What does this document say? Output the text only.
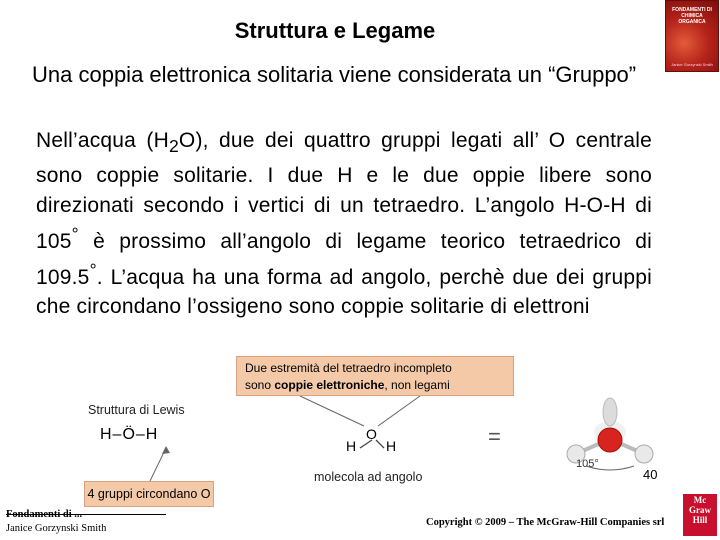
FONDAMENTI DI CHIMICA ORGANICA
Janice Gorzynski Smith
Struttura e Legame
Una coppia elettronica solitaria viene considerata un “Gruppo”
Nell’acqua $(H_2O)$, due dei quattro gruppi legati all’ O centrale sono coppie solitarie. I due H e le due oppie libere sono direzionati secondo i vertici di un tetraedro. L’angolo H-O-H di 105° è prossimo all’angolo di legame teorico tetraedrico di 109.5°. L’acqua ha una forma ad angolo, perchè due dei gruppi che circondano l’ossigeno sono coppie solitarie di elettroni
Due estremità del tetraedro incompleto
sono coppie elettroniche, non legami
Struttura di Lewis
H–Ö–H
H
O
H
molecola ad angolo
=
105°
4 gruppi circondano O
40
Janice Gorzynski Smith
Copyright © 2009 – The McGraw-Hill Companies srl
Mc Graw Hill
